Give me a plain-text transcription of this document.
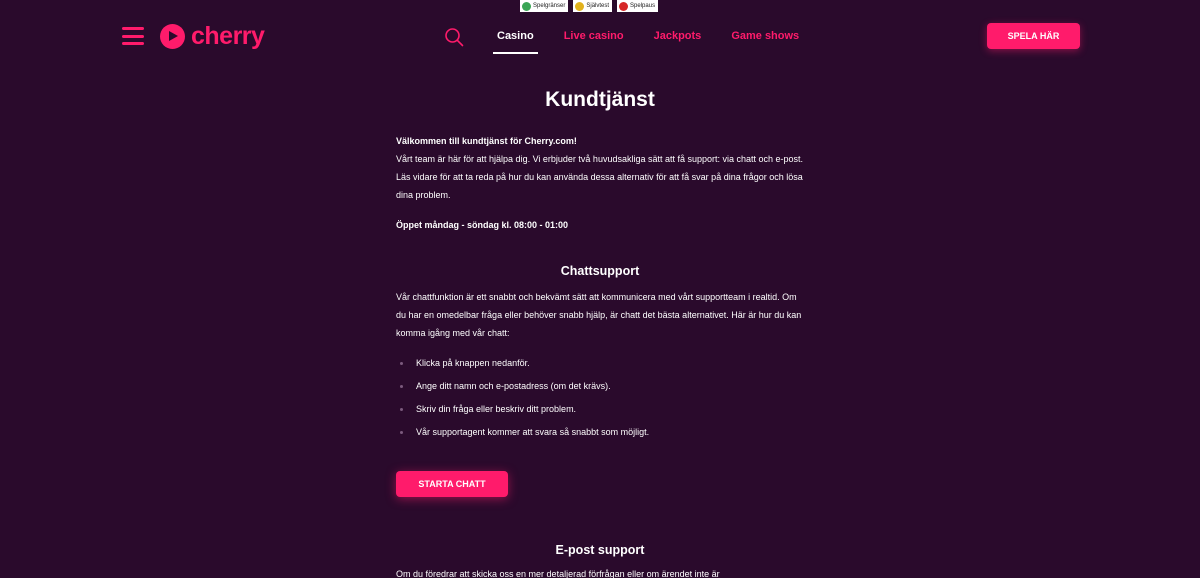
Spelgränser	Självtest	Spelpaus
cherry	Casino	Live casino	Jackpots	Game shows	SPELA HÄR
Kundtjänst

Välkommen till kundtjänst för Cherry.com!

Vårt team är här för att hjälpa dig. Vi erbjuder två huvudsakliga sätt att få support: via chatt och e-post. Läs vidare för att ta reda på hur du kan använda dessa alternativ för att få svar på dina frågor och lösa dina problem.

Öppet måndag - söndag kl. 08:00 - 01:00

Chattsupport

Vår chattfunktion är ett snabbt och bekvämt sätt att kommunicera med vårt supportteam i realtid. Om du har en omedelbar fråga eller behöver snabb hjälp, är chatt det bästa alternativet. Här är hur du kan komma igång med vår chatt:

Klicka på knappen nedanför.
Ange ditt namn och e-postadress (om det krävs).
Skriv din fråga eller beskriv ditt problem.
Vår supportagent kommer att svara så snabbt som möjligt.
STARTA CHATT
E-post support

Om du föredrar att skicka oss en mer detaljerad förfrågan eller om ärendet inte är
